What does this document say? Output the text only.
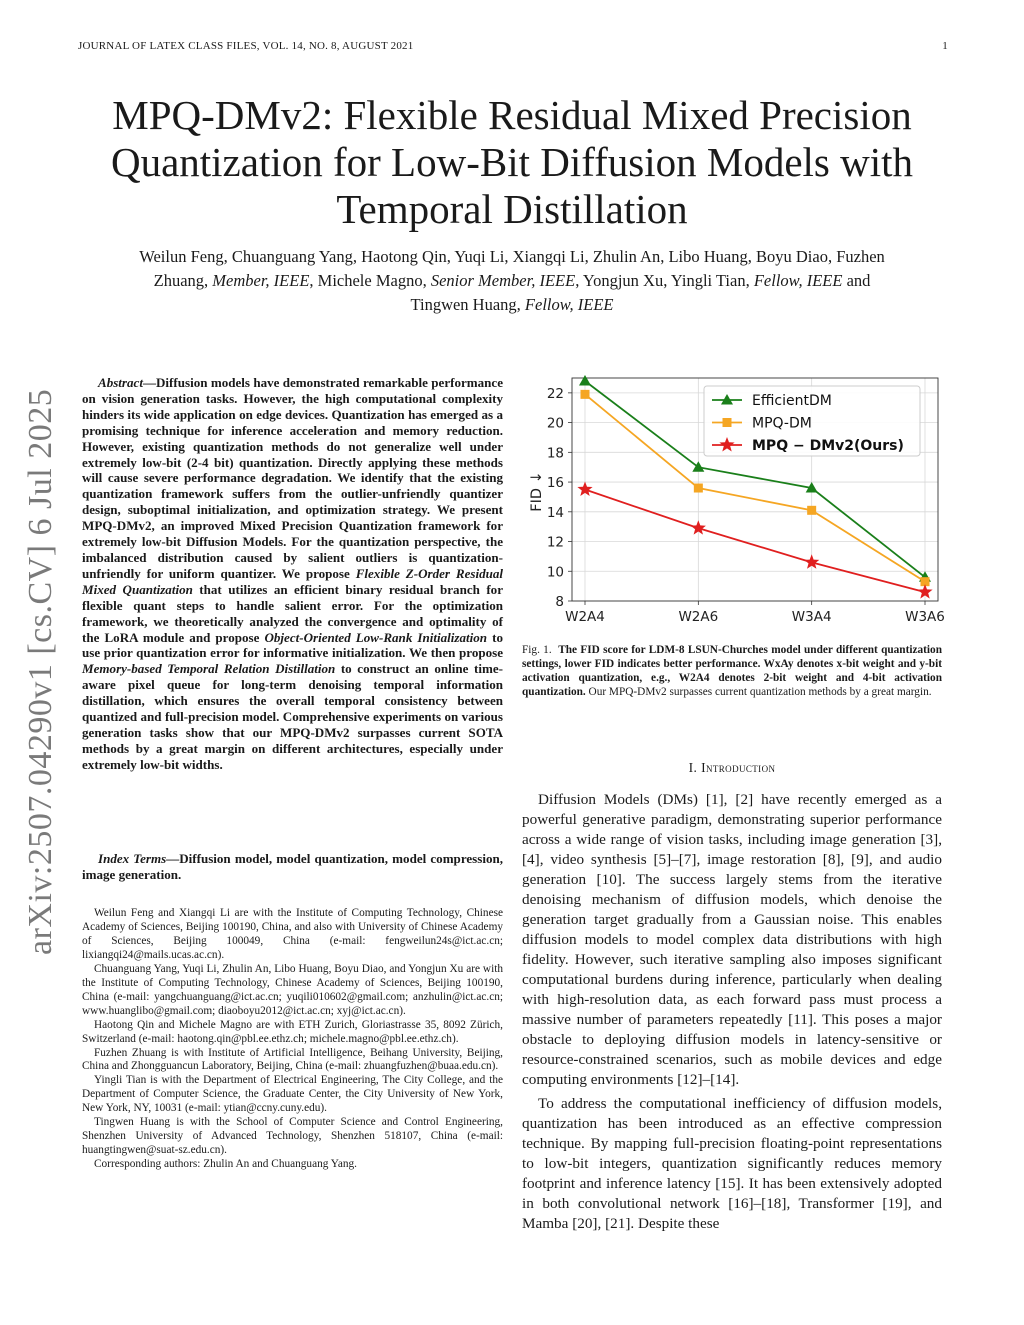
JOURNAL OF LATEX CLASS FILES, VOL. 14, NO. 8, AUGUST 2021	1
MPQ-DMv2: Flexible Residual Mixed Precision Quantization for Low-Bit Diffusion Models with Temporal Distillation
Weilun Feng, Chuanguang Yang, Haotong Qin, Yuqi Li, Xiangqi Li, Zhulin An, Libo Huang, Boyu Diao, Fuzhen
Zhuang, Member, IEEE, Michele Magno, Senior Member, IEEE, Yongjun Xu, Yingli Tian, Fellow, IEEE and
Tingwen Huang, Fellow, IEEE
arXiv:2507.04290v1 [cs.CV] 6 Jul 2025

Abstract—Diffusion models have demonstrated remarkable performance on vision generation tasks. However, the high computational complexity hinders its wide application on edge devices. Quantization has emerged as a promising technique for inference acceleration and memory reduction. However, existing quantization methods do not generalize well under extremely low-bit (2-4 bit) quantization. Directly applying these methods will cause severe performance degradation. We identify that the existing quantization framework suffers from the outlier-unfriendly quantizer design, suboptimal initialization, and optimization strategy. We present MPQ-DMv2, an improved Mixed Precision Quantization framework for extremely low-bit Diffusion Models. For the quantization perspective, the imbalanced distribution caused by salient outliers is quantization-unfriendly for uniform quantizer. We propose Flexible Z-Order Residual Mixed Quantization that utilizes an efficient binary residual branch for flexible quant steps to handle salient error. For the optimization framework, we theoretically analyzed the convergence and optimality of the LoRA module and propose Object-Oriented Low-Rank Initialization to use prior quantization error for informative initialization. We then propose Memory-based Temporal Relation Distillation to construct an online time-aware pixel queue for long-term denoising temporal information distillation, which ensures the overall temporal consistency between quantized and full-precision model. Comprehensive experiments on various generation tasks show that our MPQ-DMv2 surpasses current SOTA methods by a great margin on different architectures, especially under extremely low-bit widths.

Index Terms—Diffusion model, model quantization, model compression, image generation.

Weilun Feng and Xiangqi Li are with the Institute of Computing Technology, Chinese Academy of Sciences, Beijing 100190, China, and also with University of Chinese Academy of Sciences, Beijing 100049, China (e-mail: fengweilun24s@ict.ac.cn; lixiangqi24@mails.ucas.ac.cn).

Chuanguang Yang, Yuqi Li, Zhulin An, Libo Huang, Boyu Diao, and Yongjun Xu are with the Institute of Computing Technology, Chinese Academy of Sciences, Beijing 100190, China (e-mail: yangchuanguang@ict.ac.cn; yuqili010602@gmail.com; anzhulin@ict.ac.cn; www.huanglibo@gmail.com; diaoboyu2012@ict.ac.cn; xyj@ict.ac.cn).

Haotong Qin and Michele Magno are with ETH Zurich, Gloriastrasse 35, 8092 Zürich, Switzerland (e-mail: haotong.qin@pbl.ee.ethz.ch; michele.magno@pbl.ee.ethz.ch).

Fuzhen Zhuang is with Institute of Artificial Intelligence, Beihang University, Beijing, China and Zhongguancun Laboratory, Beijing, China (e-mail: zhuangfuzhen@buaa.edu.cn).

Yingli Tian is with the Department of Electrical Engineering, The City College, and the Department of Computer Science, the Graduate Center, the City University of New York, New York, NY, 10031 (e-mail: ytian@ccny.cuny.edu).

Tingwen Huang is with the School of Computer Science and Control Engineering, Shenzhen University of Advanced Technology, Shenzhen 518107, China (e-mail: huangtingwen@suat-sz.edu.cn).

Corresponding authors: Zhulin An and Chuanguang Yang.

8
10
12
14
16
18
20
22
W2A4	W2A6	W3A4	W3A6
FID ↓
EfficientDM
MPQ-DM
MPQ − DMv2(Ours)
Fig. 1. The FID score for LDM-8 LSUN-Churches model under different quantization settings, lower FID indicates better performance. WxAy denotes x-bit weight and y-bit activation quantization, e.g., W2A4 denotes 2-bit weight and 4-bit activation quantization. Our MPQ-DMv2 surpasses current quantization methods by a great margin.
I. Introduction

Diffusion Models (DMs) [1], [2] have recently emerged as a powerful generative paradigm, demonstrating superior performance across a wide range of vision tasks, including image generation [3], [4], video synthesis [5]–[7], image restoration [8], [9], and audio generation [10]. The success largely stems from the iterative denoising mechanism of diffusion models, which denoise the generation target gradually from a Gaussian noise. This enables diffusion models to model complex data distributions with high fidelity. However, such iterative sampling also imposes significant computational burdens during inference, particularly when dealing with high-resolution data, as each forward pass must process a massive number of parameters repeatedly [11]. This poses a major obstacle to deploying diffusion models in latency-sensitive or resource-constrained scenarios, such as mobile devices and edge computing environments [12]–[14].

To address the computational inefficiency of diffusion models, quantization has been introduced as an effective compression technique. By mapping full-precision floating-point representations to low-bit integers, quantization significantly reduces memory footprint and inference latency [15]. It has been extensively adopted in both convolutional network [16]–[18], Transformer [19], and Mamba [20], [21]. Despite these
